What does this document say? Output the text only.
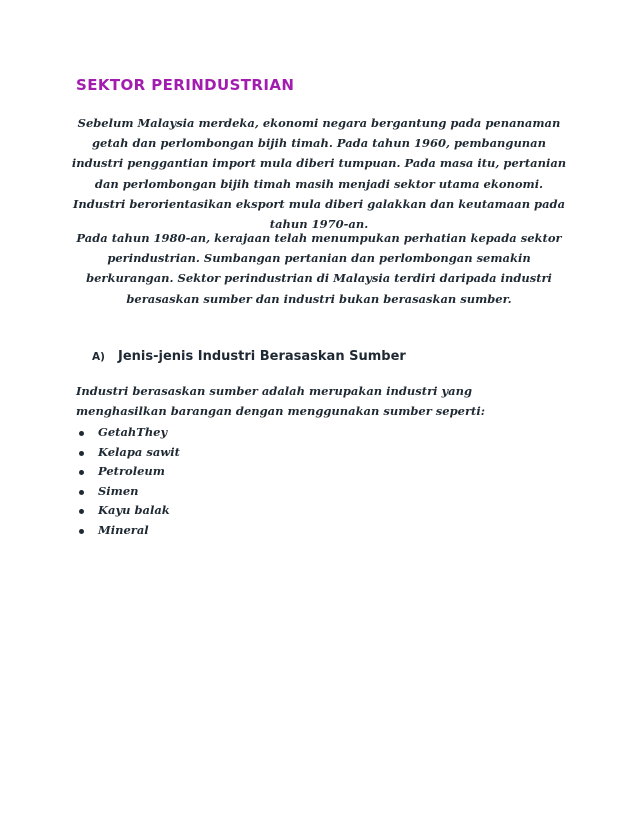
SEKTOR PERINDUSTRIAN

Sebelum Malaysia merdeka, ekonomi negara bergantung pada penanaman getah dan perlombongan bijih timah. Pada tahun 1960, pembangunan industri penggantian import mula diberi tumpuan. Pada masa itu, pertanian dan perlombongan bijih timah masih menjadi sektor utama ekonomi. Industri berorientasikan eksport mula diberi galakkan dan keutamaan pada tahun 1970-an.

Pada tahun 1980-an, kerajaan telah menumpukan perhatian kepada sektor perindustrian. Sumbangan pertanian dan perlombongan semakin berkurangan. Sektor perindustrian di Malaysia terdiri daripada industri berasaskan sumber dan industri bukan berasaskan sumber.

A) Jenis-jenis Industri Berasaskan Sumber

Industri berasaskan sumber adalah merupakan industri yang menghasilkan barangan dengan menggunakan sumber seperti:

GetahThey
Kelapa sawit
Petroleum
Simen
Kayu balak
Mineral
